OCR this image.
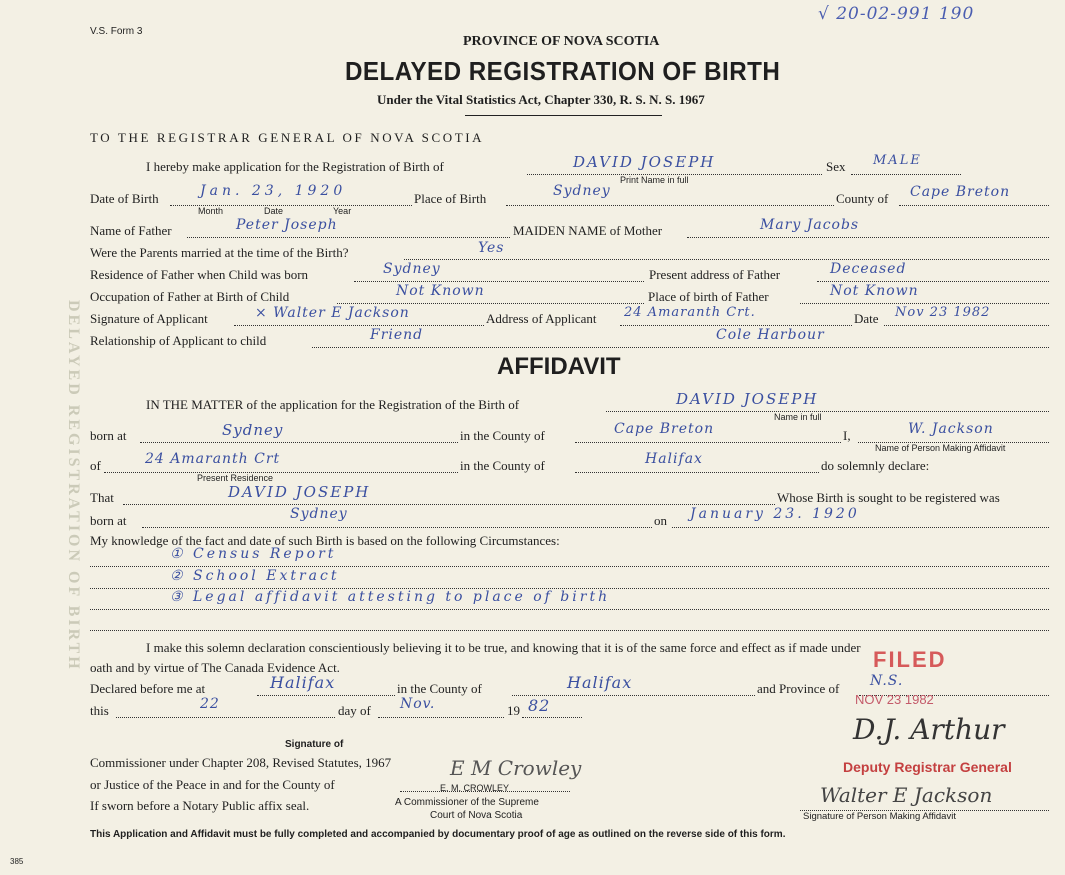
DELAYED REGISTRATION OF BIRTH
V.S. Form 3
√ 20-02-991 190
PROVINCE OF NOVA SCOTIA
DELAYED REGISTRATION OF BIRTH
Under the Vital Statistics Act, Chapter 330, R. S. N. S. 1967
TO THE REGISTRAR GENERAL OF NOVA SCOTIA
I hereby make application for the Registration of Birth of	DAVID JOSEPH
Print Name in full
Sex MALE
Date of Birth	Jan. 23, 1920
Month	Date	Year
Place of Birth	Sydney	County of Cape Breton
Name of Father	Peter Joseph	MAIDEN NAME of Mother	Mary Jacobs
Were the Parents married at the time of the Birth?	Yes
Residence of Father when Child was born	Sydney	Present address of Father	Deceased
Occupation of Father at Birth of Child	Not Known	Place of birth of Father	Not Known
Signature of Applicant	× Walter E Jackson	Address of Applicant 24 Amaranth Crt.	Date Nov 23 1982
Relationship of Applicant to child	Friend	Cole Harbour
AFFIDAVIT
IN THE MATTER of the application for the Registration of the Birth of	DAVID JOSEPH
Name in full
born at	Sydney	in the County of	Cape Breton	I,	W. Jackson
Name of Person Making Affidavit
of	24 Amaranth Crt
Present Residence
in the County of	Halifax	do solemnly declare:
That	DAVID JOSEPH	Whose Birth is sought to be registered was
born at	Sydney	on January 23. 1920
My knowledge of the fact and date of such Birth is based on the following Circumstances:
① Census Report
② School Extract
③ Legal affidavit attesting to place of birth
I make this solemn declaration conscientiously believing it to be true, and knowing that it is of the same force and effect as if made under
oath and by virtue of The Canada Evidence Act.
Declared before me at	Halifax	in the County of	Halifax	and Province of N.S.
this	22	day of Nov.	19 82
FILED
NOV 23 1982
D.J. Arthur
Deputy Registrar General
Signature of
Commissioner under Chapter 208, Revised Statutes, 1967
or Justice of the Peace in and for the County of
If sworn before a Notary Public affix seal.
E M Crowley
E. M. CROWLEY
A Commissioner of the Supreme
Court of Nova Scotia
Walter E Jackson
Signature of Person Making Affidavit
This Application and Affidavit must be fully completed and accompanied by documentary proof of age as outlined on the reverse side of this form.
385
